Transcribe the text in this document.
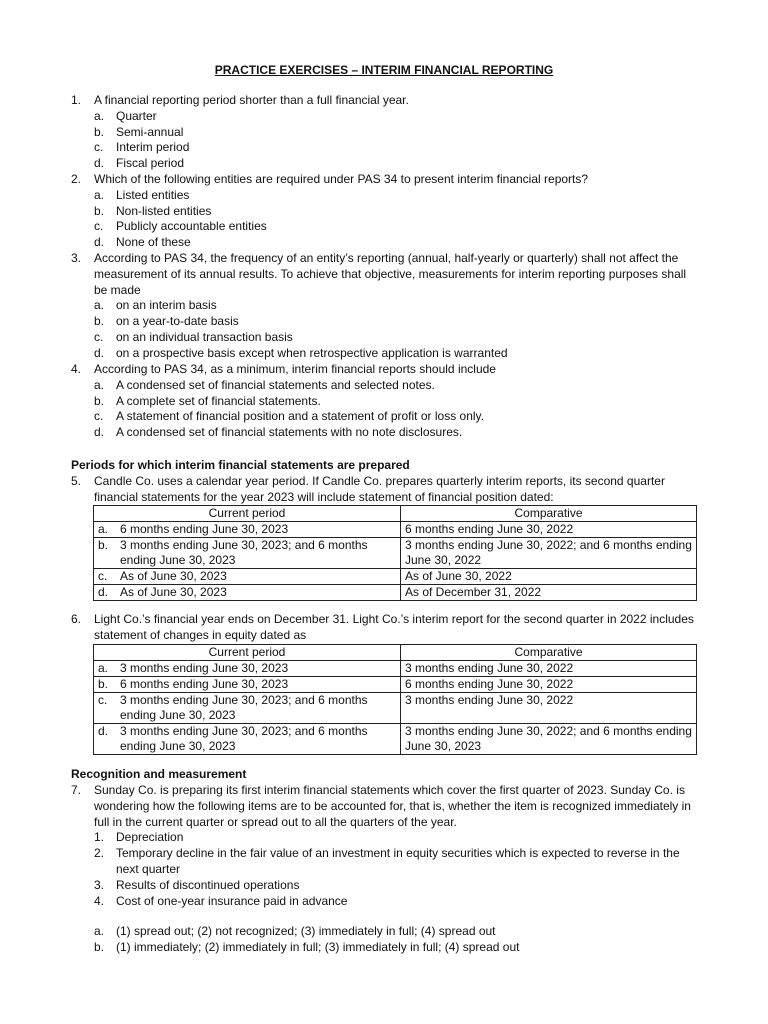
PRACTICE EXERCISES – INTERIM FINANCIAL REPORTING
1. A financial reporting period shorter than a full financial year.
a. Quarter
b. Semi-annual
c. Interim period
d. Fiscal period
2. Which of the following entities are required under PAS 34 to present interim financial reports?
a. Listed entities
b. Non-listed entities
c. Publicly accountable entities
d. None of these
3. According to PAS 34, the frequency of an entity’s reporting (annual, half-yearly or quarterly) shall not affect the measurement of its annual results. To achieve that objective, measurements for interim reporting purposes shall be made
a. on an interim basis
b. on a year-to-date basis
c. on an individual transaction basis
d. on a prospective basis except when retrospective application is warranted
4. According to PAS 34, as a minimum, interim financial reports should include
a. A condensed set of financial statements and selected notes.
b. A complete set of financial statements.
c. A statement of financial position and a statement of profit or loss only.
d. A condensed set of financial statements with no note disclosures.
Periods for which interim financial statements are prepared
5. Candle Co. uses a calendar year period. If Candle Co. prepares quarterly interim reports, its second quarter financial statements for the year 2023 will include statement of financial position dated:
Current period	Comparative

a. 6 months ending June 30, 2023	6 months ending June 30, 2022

b. 3 months ending June 30, 2023; and 6 months ending June 30, 2023	3 months ending June 30, 2022; and 6 months ending June 30, 2022

c. As of June 30, 2023	As of June 30, 2022

d. As of June 30, 2023	As of December 31, 2022
6. Light Co.’s financial year ends on December 31. Light Co.’s interim report for the second quarter in 2022 includes statement of changes in equity dated as
Current period	Comparative

a. 3 months ending June 30, 2023	3 months ending June 30, 2022

b. 6 months ending June 30, 2023	6 months ending June 30, 2022

c. 3 months ending June 30, 2023; and 6 months ending June 30, 2023	3 months ending June 30, 2022

d. 3 months ending June 30, 2023; and 6 months ending June 30, 2023	3 months ending June 30, 2022; and 6 months ending June 30, 2023
Recognition and measurement
7. Sunday Co. is preparing its first interim financial statements which cover the first quarter of 2023. Sunday Co. is wondering how the following items are to be accounted for, that is, whether the item is recognized immediately in full in the current quarter or spread out to all the quarters of the year.
1. Depreciation
2. Temporary decline in the fair value of an investment in equity securities which is expected to reverse in the next quarter
3. Results of discontinued operations
4. Cost of one-year insurance paid in advance
a. (1) spread out; (2) not recognized; (3) immediately in full; (4) spread out
b. (1) immediately; (2) immediately in full; (3) immediately in full; (4) spread out
